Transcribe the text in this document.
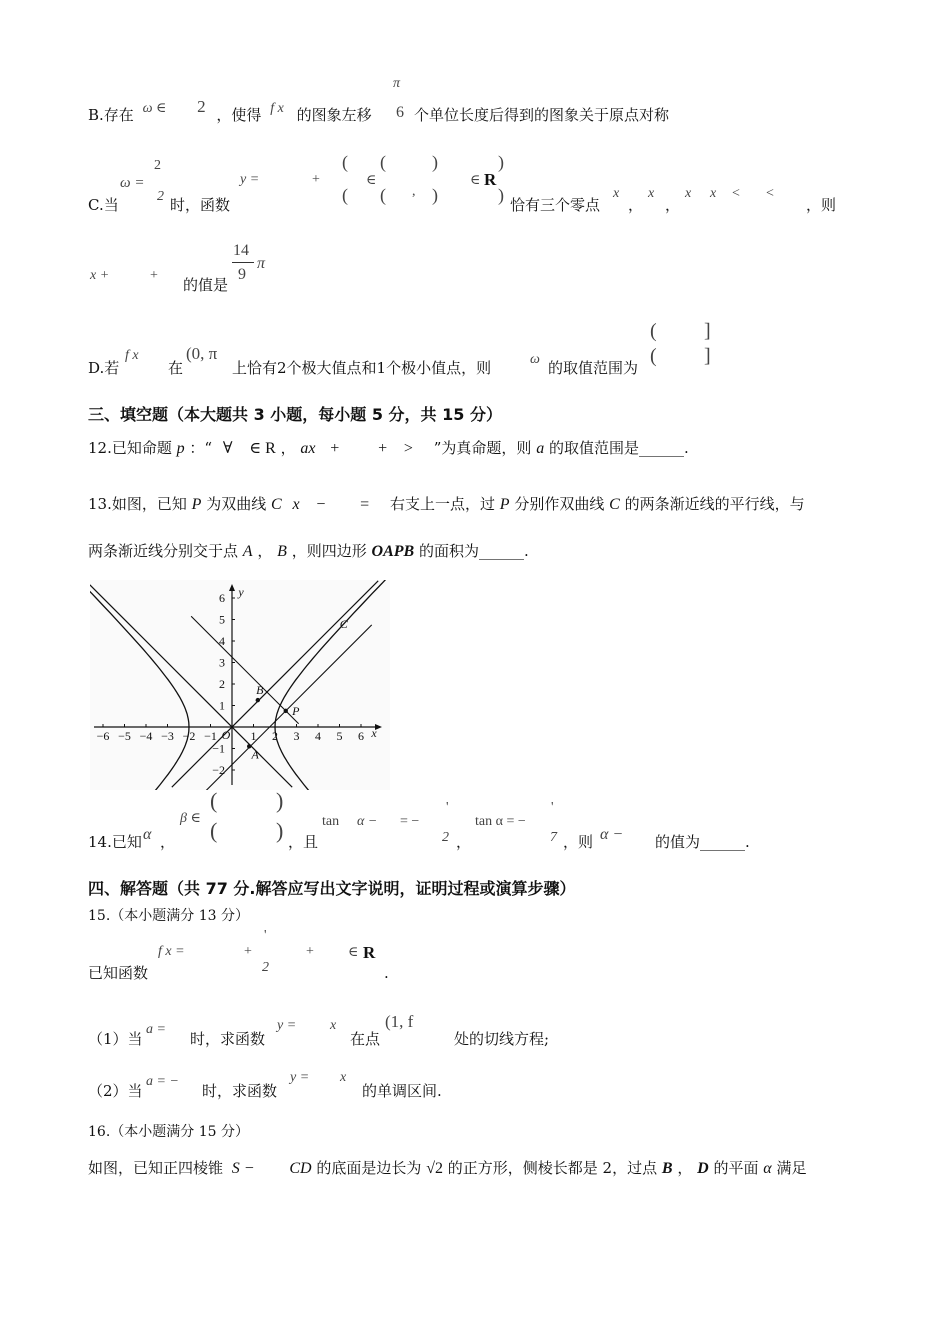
π
B.存在 ω ∈ 2 ，使得 f x 的图象左移 6 个单位长度后得到的图象关于原点对称
2
ω =
2
C.当	时，函数
y =	+
(
(
∈
(
( ,
)
)
∈ R
)
) 恰有三个零点
x
，
x
，
x x < <
，则
14
π
9
x +	+
的值是
D.若
f x
在
(0, π
上恰有2个极大值点和1个极小值点，则	ω 的取值范围为
(
(
]
]
三、填空题（本大题共 3 小题，每小题 5 分，共 15 分）
12.已知命题 p ：“ ∀ ∈ R ， ax + + > ”为真命题，则 a 的取值范围是______.
13.如图，已知 P 为双曲线 C x − = 右支上一点，过 P 分别作双曲线 C 的两条渐近线的平行线，与
两条渐近线分别交于点 A ， B ，则四边形 OAPB 的面积为______.
−6 −5 −4 −3 −2 −1	1 2 3 4 5 6
6
5
4
3
2
1
−1
−2
x
y
O
P
B
A
C
β ∈
(
(
)
)
14.已知 α ，	，且
tan α − = −
'
2 ，
tan α = −
'
7 ，则 α − 的值为______.
四、解答题（共 77 分.解答应写出文字说明，证明过程或演算步骤）
15.（本小题满分 13 分）
f x =	+
'
2
+ ∈ R
已知函数	.
（1）当
a =
时，求函数
y = x
在点
(1, f
处的切线方程;
（2）当
a = −
时，求函数
y = x
的单调区间.
16.（本小题满分 15 分）
如图，已知正四棱锥 S − CD 的底面是边长为 √2 的正方形，侧棱长都是 2，过点 B ， D 的平面 α 满足
